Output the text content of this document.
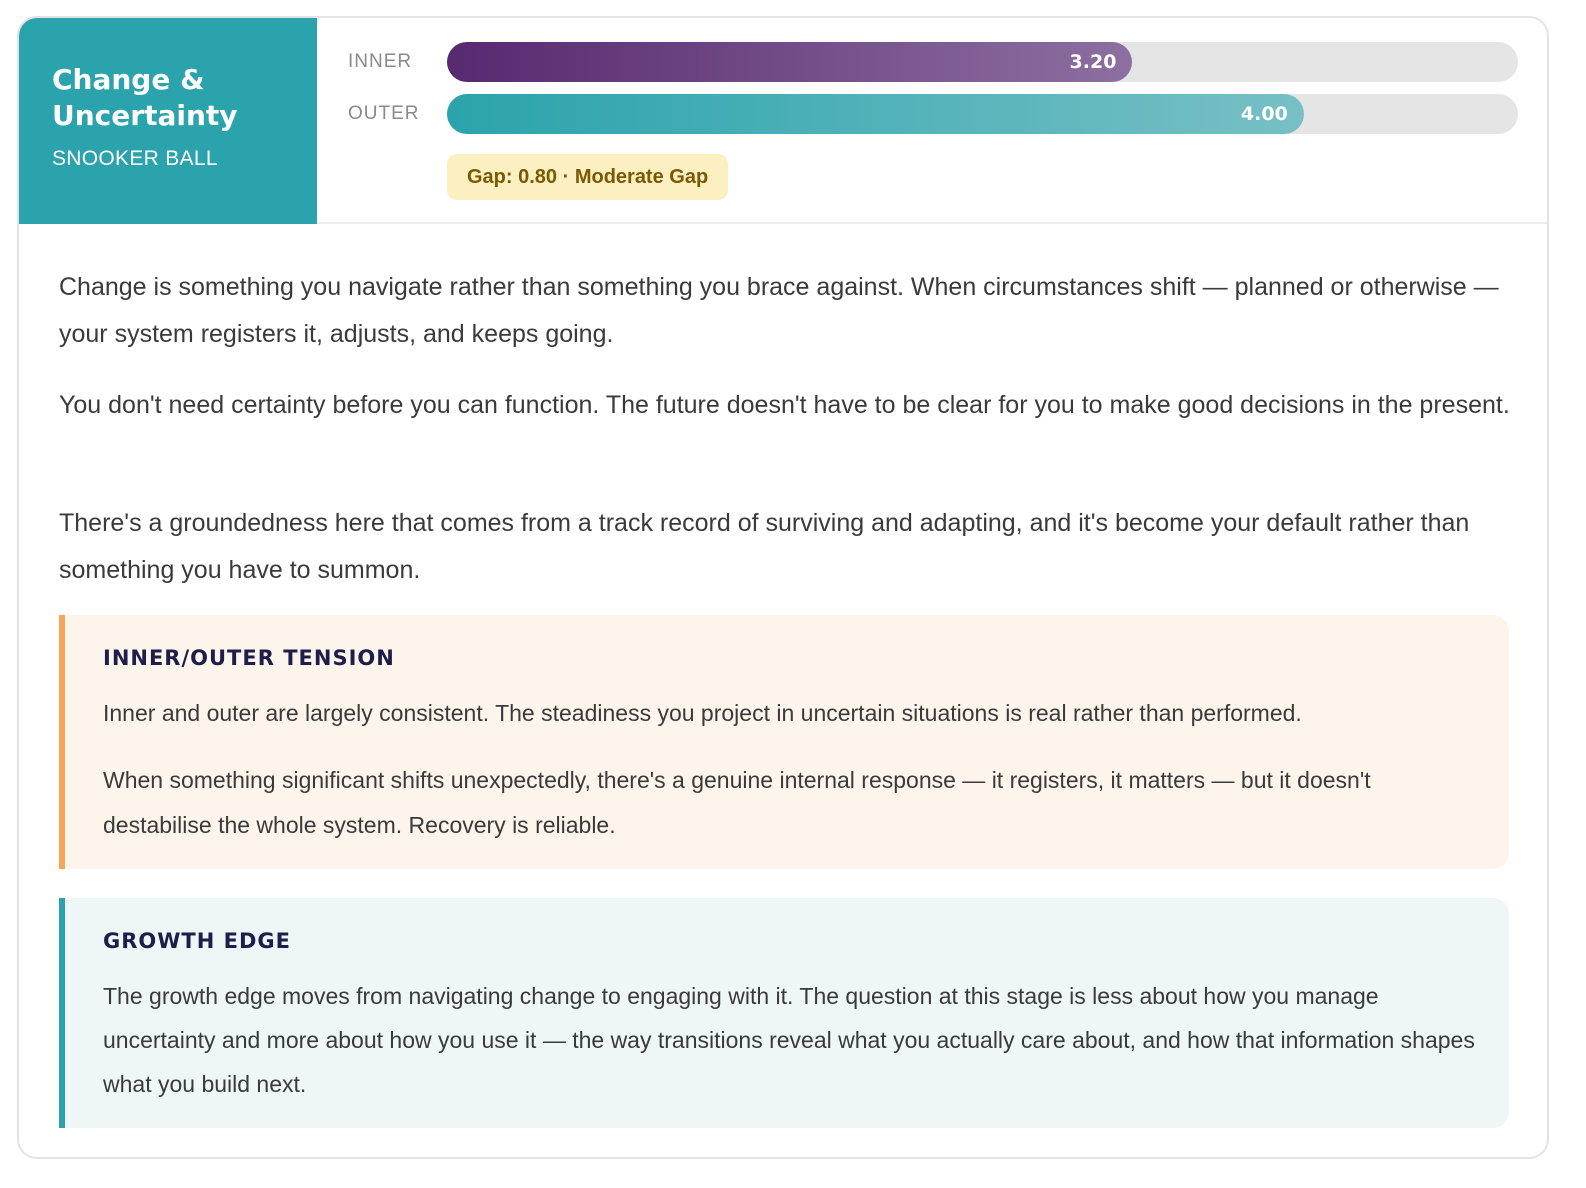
Change & Uncertainty
SNOOKER BALL
INNER	3.20
OUTER	4.00
Gap: 0.80 · Moderate Gap

Change is something you navigate rather than something you brace against. When circumstances shift — planned or otherwise — your system registers it, adjusts, and keeps going.

You don't need certainty before you can function. The future doesn't have to be clear for you to make good decisions in the present.

There's a groundedness here that comes from a track record of surviving and adapting, and it's become your default rather than something you have to summon.

INNER/OUTER TENSION

Inner and outer are largely consistent. The steadiness you project in uncertain situations is real rather than performed.

When something significant shifts unexpectedly, there's a genuine internal response — it registers, it matters — but it doesn't destabilise the whole system. Recovery is reliable.

GROWTH EDGE

The growth edge moves from navigating change to engaging with it. The question at this stage is less about how you manage uncertainty and more about how you use it — the way transitions reveal what you actually care about, and how that information shapes what you build next.
